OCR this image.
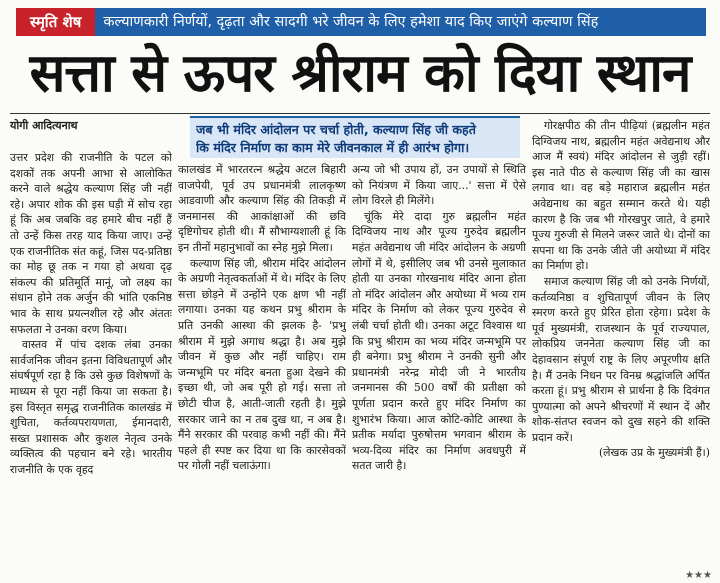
स्मृति शेष	कल्याणकारी निर्णयों, दृढ़ता और सादगी भरे जीवन के लिए हमेशा याद किए जाएंगे कल्याण सिंह
सत्ता से ऊपर श्रीराम को दिया स्थान
योगी आदित्यनाथ	जब भी मंदिर आंदोलन पर चर्चा होती, कल्याण सिंह जी कहते
कि मंदिर निर्माण का काम मेरे जीवनकाल में ही आरंभ होगा।

उत्तर प्रदेश की राजनीति के पटल को दशकों तक अपनी आभा से आलोकित करने वाले श्रद्धेय कल्याण सिंह जी नहीं रहे। अपार शोक की इस घड़ी में सोच रहा हूं कि अब जबकि वह हमारे बीच नहीं हैं तो उन्हें किस तरह याद किया जाए। उन्हें एक राजनीतिक संत कहूं, जिस पद-प्रतिष्ठा का मोह छू तक न गया हो अथवा दृढ़ संकल्प की प्रतिमूर्ति मानूं, जो लक्ष्य का संधान होने तक अर्जुन की भांति एकनिष्ठ भाव के साथ प्रयत्नशील रहे और अंततः सफलता ने उनका वरण किया।

वास्तव में पांच दशक लंबा उनका सार्वजनिक जीवन इतना विविधतापूर्ण और संघर्षपूर्ण रहा है कि उसे कुछ विशेषणों के माध्यम से पूरा नहीं किया जा सकता है। इस विस्तृत समृद्ध राजनीतिक कालखंड में शुचिता, कर्तव्यपरायणता, ईमानदारी, सख्त प्रशासक और कुशल नेतृत्व उनके व्यक्तित्व की पहचान बने रहे। भारतीय राजनीति के एक वृहद

कालखंड में भारतरत्न श्रद्धेय अटल बिहारी वाजपेयी, पूर्व उप प्रधानमंत्री लालकृष्ण आडवाणी और कल्याण सिंह की तिकड़ी में जनमानस की आकांक्षाओं की छवि दृष्टिगोचर होती थी। मैं सौभाग्यशाली हूं कि इन तीनों महानुभावों का स्नेह मुझे मिला।

कल्याण सिंह जी, श्रीराम मंदिर आंदोलन के अग्रणी नेतृत्वकर्ताओं में थे। मंदिर के लिए सत्ता छोड़ने में उन्होंने एक क्षण भी नहीं लगाया। उनका यह कथन प्रभु श्रीराम के प्रति उनकी आस्था की झलक है- 'प्रभु श्रीराम में मुझे अगाध श्रद्धा है। अब मुझे जीवन में कुछ और नहीं चाहिए। राम जन्मभूमि पर मंदिर बनता हुआ देखने की इच्छा थी, जो अब पूरी हो गई। सत्ता तो छोटी चीज है, आती-जाती रहती है। मुझे सरकार जाने का न तब दुख था, न अब है। मैंने सरकार की परवाह कभी नहीं की। मैंने पहले ही स्पष्ट कर दिया था कि कारसेवकों पर गोली नहीं चलाऊंगा।

अन्य जो भी उपाय हों, उन उपायों से स्थिति को नियंत्रण में किया जाए...' सत्ता में ऐसे लोग विरले ही मिलेंगे।

चूंकि मेरे दादा गुरु ब्रह्मलीन महंत दिग्विजय नाथ और पूज्य गुरुदेव ब्रह्मलीन महंत अवेद्यनाथ जी मंदिर आंदोलन के अग्रणी लोगों में थे, इसीलिए जब भी उनसे मुलाकात होती या उनका गोरखनाथ मंदिर आना होता तो मंदिर आंदोलन और अयोध्या में भव्य राम मंदिर के निर्माण को लेकर पूज्य गुरुदेव से लंबी चर्चा होती थी। उनका अटूट विश्वास था कि प्रभु श्रीराम का भव्य मंदिर जन्मभूमि पर ही बनेगा। प्रभु श्रीराम ने उनकी सुनी और प्रधानमंत्री नरेन्द्र मोदी जी ने भारतीय जनमानस की 500 वर्षों की प्रतीक्षा को पूर्णता प्रदान करते हुए मंदिर निर्माण का शुभारंभ किया। आज कोटि-कोटि आस्था के प्रतीक मर्यादा पुरुषोत्तम भगवान श्रीराम के भव्य-दिव्य मंदिर का निर्माण अवधपुरी में सतत जारी है।

गोरक्षपीठ की तीन पीढ़ियां (ब्रह्मलीन महंत दिग्विजय नाथ, ब्रह्मलीन महंत अवेद्यनाथ और आज मैं स्वयं) मंदिर आंदोलन से जुड़ी रहीं। इस नाते पीठ से कल्याण सिंह जी का खास लगाव था। वह बड़े महाराज ब्रह्मलीन महंत अवेद्यनाथ का बहुत सम्मान करते थे। यही कारण है कि जब भी गोरखपुर जाते, वे हमारे पूज्य गुरुजी से मिलने जरूर जाते थे। दोनों का सपना था कि उनके जीते जी अयोध्या में मंदिर का निर्माण हो।

समाज कल्याण सिंह जी को उनके निर्णयों, कर्तव्यनिष्ठा व शुचितापूर्ण जीवन के लिए स्मरण करते हुए प्रेरित होता रहेगा। प्रदेश के पूर्व मुख्यमंत्री, राजस्थान के पूर्व राज्यपाल, लोकप्रिय जननेता कल्याण सिंह जी का देहावसान संपूर्ण राष्ट्र के लिए अपूरणीय क्षति है। मैं उनके निधन पर विनम्र श्रद्धांजलि अर्पित करता हूं। प्रभु श्रीराम से प्रार्थना है कि दिवंगत पुण्यात्मा को अपने श्रीचरणों में स्थान दें और शोक-संतप्त स्वजन को दुख सहने की शक्ति प्रदान करें।

(लेखक उप्र के मुख्यमंत्री हैं।)

★★★
